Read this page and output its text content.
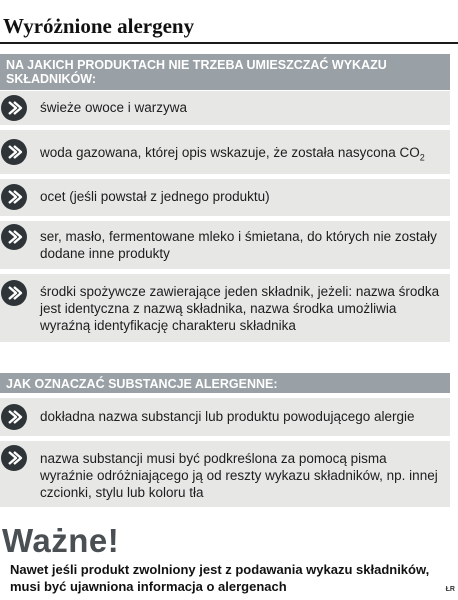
Wyróżnione alergeny
NA JAKICH PRODUKTACH NIE TRZEBA UMIESZCZAĆ WYKAZU SKŁADNIKÓW:
świeże owoce i warzywa
woda gazowana, której opis wskazuje, że została nasycona $CO_2$
ocet (jeśli powstał z jednego produktu)
ser, masło, fermentowane mleko i śmietana, do których nie zostały dodane inne produkty
środki spożywcze zawierające jeden składnik, jeżeli: nazwa środka jest identyczna z nazwą składnika, nazwa środka umożliwia wyraźną identyfikację charakteru składnika
JAK OZNACZAĆ SUBSTANCJE ALERGENNE:
dokładna nazwa substancji lub produktu powodującego alergie
nazwa substancji musi być podkreślona za pomocą pisma wyraźnie odróżniającego ją od reszty wykazu składników, np. innej czcionki, stylu lub koloru tła
Ważne!
Nawet jeśli produkt zwolniony jest z podawania wykazu składników, musi być ujawniona informacja o alergenach	ŁR
